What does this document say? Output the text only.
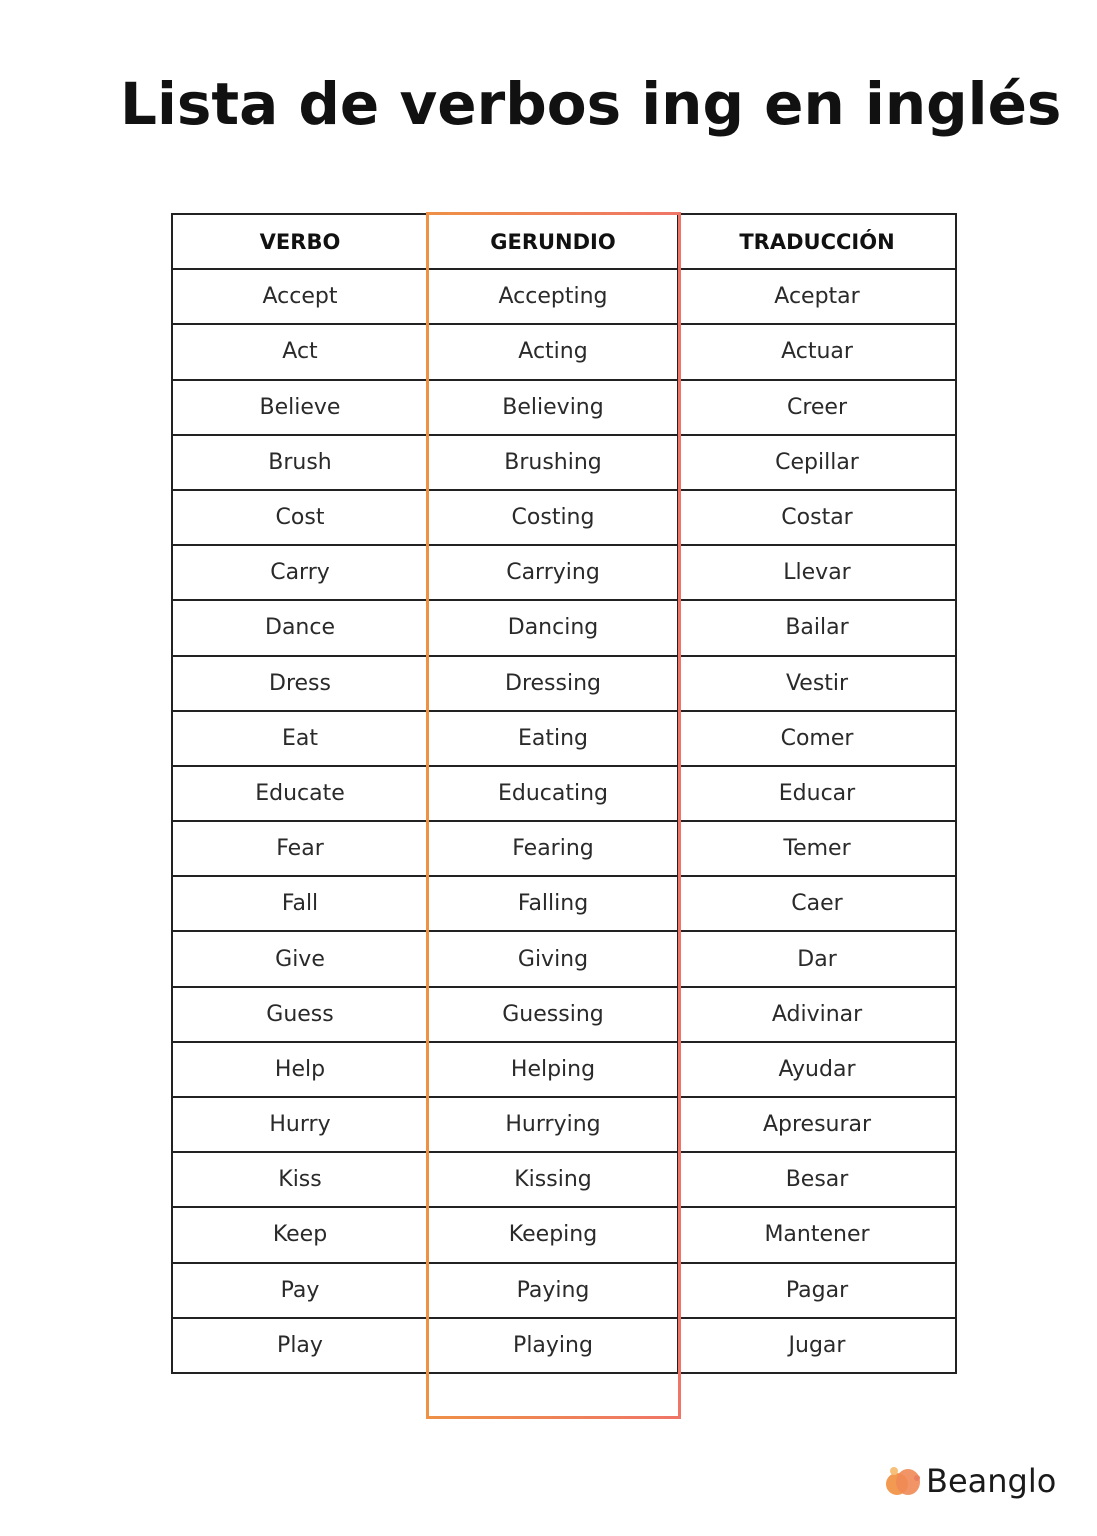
Lista de verbos ing en inglés
VERBO	GERUNDIO	TRADUCCIÓN
Accept	Accepting	Aceptar
Act	Acting	Actuar
Believe	Believing	Creer
Brush	Brushing	Cepillar
Cost	Costing	Costar
Carry	Carrying	Llevar
Dance	Dancing	Bailar
Dress	Dressing	Vestir
Eat	Eating	Comer
Educate	Educating	Educar
Fear	Fearing	Temer
Fall	Falling	Caer
Give	Giving	Dar
Guess	Guessing	Adivinar
Help	Helping	Ayudar
Hurry	Hurrying	Apresurar
Kiss	Kissing	Besar
Keep	Keeping	Mantener
Pay	Paying	Pagar
Play	Playing	Jugar
Beanglo
